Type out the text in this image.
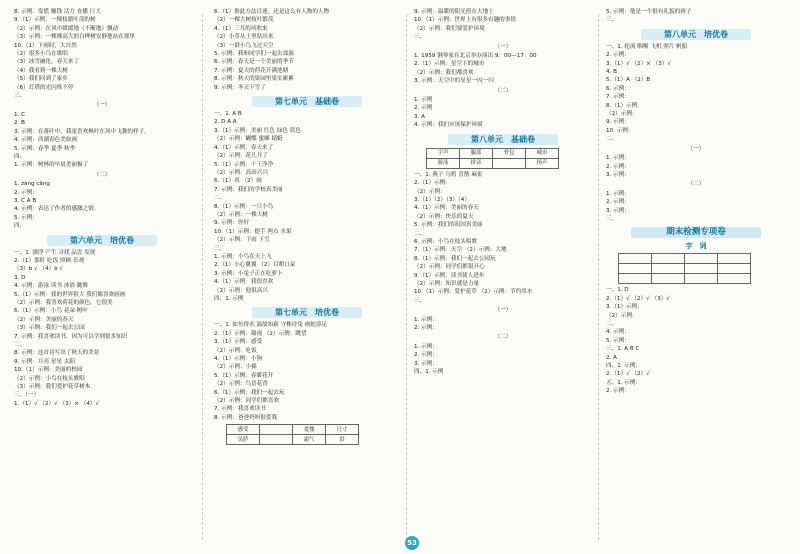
8. 示例：发慌 赚钱 活力 直播 巨大
9.（1）示例：一棵枝繁叶茂的树
（2）示例：在风中缓缓地（不断地）飘动
（3）示例：一棵棵高大的白桦树安静地站在那里
10.（1）下雨时，大自然
（2）很多小鸟在歌唱
（3）冰雪融化，春天来了
（4）我看到一棵大树
（5）我们回到了家乡
（6）灯塔的光闪烁不停
三、
（一）
1. C
2. B
3. 示例：在落叶中，我更喜欢枫叶在风中飞舞的样子。
4. 示例：西湖春色美如画
5. 示例：春季 夏季 秋季
四、
1. 示例：树林的早晨美丽极了
（二）
1. zāng cāng
2. 示例：
3. C A B
4. 示例：表达了作者的感激之情。
5. 示例：
四、
第六单元　培优卷
一、1. 漂浮 产生 寻找 品尝 发现
2.（1）那时 吃饭 照顾 乐观
（3）b √ （4）b √
3. D
4. 示例：游泳 读书 沐浴 跳舞
5.（1）示例：我的世界很大 我们都喜欢画画
（2）示例：我喜欢荷花的颜色，它很美
6.（1）示例：小鸟 花朵 树叶
（2）示例：美丽的春天
（3）示例：我们一起去公园
7. 示例：我喜欢读书，因为可以学到很多知识
二、
8. 示例：这首诗写出了秋天的美景
9. 示例：月亮 星星 太阳
10.（1）示例：美丽的校园
（2）示例：小鸟在枝头歌唱
（3）示例：我们爱护花草树木
三、（一）
1.（1）√ （2）√ （3）× （4）√
6.（1）推此方法目迷，还是这么有人物的人物
（2）一棵大树枝叶繁茂
4.（1）三月的风吹来
（2）小草从土里钻出来
（3）一群小鸟飞过天空
5. 示例：我和同学们一起去郊游
6. 示例：春天是一个美丽的季节
7. 示例：夏天的荷花开满池塘
8. 示例：秋天的果园里果实累累
9. 示例：冬天下雪了
第七单元　基础卷
一、1. A B
2. D A A
3.（1）示例：美丽 红色 绿色 蓝色
（2）示例：蝴蝶 蜜蜂 蜻蜓
4.（1）示例：春天来了
（2）示例：花儿开了
5.（1）示例：干干净净
（2）示例：高高兴兴
6.（1）风 （2）雨
7. 示例：我们的学校真美丽
二、
8.（1）示例：一只小鸟
（2）示例：一棵大树
9. 示例：你好
10.（1）示例：提手 两点 水果
（2）示例：下雨 下雪
三、
1. 示例：小鸟在天上飞
2.（1）小心翼翼 （2）目瞪口呆
3. 示例：小兔子正在吃萝卜
4.（1）示例：我很喜欢
（2）示例：他很高兴
四、1. 示例
第七单元　培优卷
一、1. 如鱼得水 温故知新 守株待兔 画蛇添足
2.（1）示例：凝视 （2）示例：眺望
3.（1）示例：感受
（2）示例：吃饭
4.（1）示例：小狗
（2）示例：小猫
5.（1）示例：春暖花开
（2）示例：鸟语花香
6.（1）示例：我们一起去玩
（2）示例：同学们都喜欢
7. 示例：我喜欢读书
8. 示例：爸爸妈妈很爱我
感受		羞愧	尺寸
吴萨		霜气	泪
9. 示例：温暖的阳光照在大地上
10.（1）示例：世界上有很多有趣的事情
（2）示例：我们要爱护环境
三、
（一）
1. 1959 钢琴家在北京举办演出 9：00—17：00
2.（1）示例：星空下的城市
（2）示例：我们都喜欢
3. 示例：天空中的星星一闪一闪
（二）
1. 示例
2. 示例
3. A
4. 示例：我们应该保护环境
第八单元　基础卷
字声	腿部	骨包	城市
游泳	拼音		扬声
一、1. 燕子 乌鸦 喜鹊 麻雀
2.（1）示例：
（2）示例：
3.（1）（2）（3）（4）
4.（1）示例：美丽的春天
（2）示例：快乐的夏天
5. 示例：我们的祖国真美丽
二、
6. 示例：小鸟在枝头唱歌
7.（1）示例：天空 （2）示例：大地
8.（1）示例：我们一起去公园玩
（2）示例：同学们都很开心
9.（1）示例：读书使人进步
（2）示例：知识就是力量
10.（1）示例：爱护花草 （2）示例：节约用水
三、
（一）
1. 示例：
2. 示例：
（二）
1. 示例：
2. 示例：
3. 示例：
四、1. 示例
5. 示例：他是一个很有礼貌的孩子
三、
第八单元　培优卷
一、1. 轮流 咽喉 飞机 照片 帆船
2. 示例：
3.（1）√ （2）× （3）√
4. B
5.（1）A （2）B
6. 示例：
7. 示例：
8.（1）示例：
（2）示例：
9. 示例：
10. 示例：
二、
（一）
1. 示例：
2. 示例：
3. 示例：
（二）
1. 示例：
2. 示例：
3. 示例：
三、
期末检测专项卷
字　词

一、1. D
2.（1）√ （2）√ （3）√
3.（1）示例：
（2）示例：
二、
4. 示例：
5. 示例：
三、1. A B C
2. A
四、1. 示例：
2.（1）√ （2）√
五、1. 示例：
2. 示例：
53
